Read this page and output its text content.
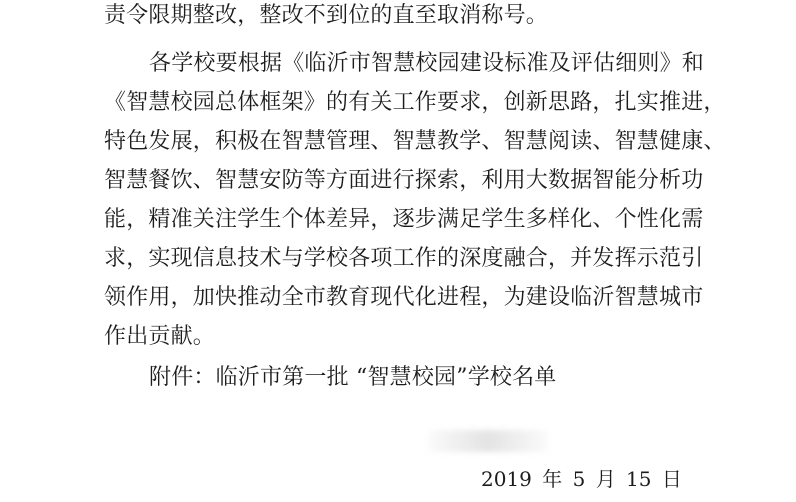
责令限期整改，整改不到位的直至取消称号。
各学校要根据《临沂市智慧校园建设标准及评估细则》和
《智慧校园总体框架》的有关工作要求，创新思路，扎实推进，
特色发展，积极在智慧管理、智慧教学、智慧阅读、智慧健康、
智慧餐饮、智慧安防等方面进行探索，利用大数据智能分析功
能，精准关注学生个体差异，逐步满足学生多样化、个性化需
求，实现信息技术与学校各项工作的深度融合，并发挥示范引
领作用，加快推动全市教育现代化进程，为建设临沂智慧城市
作出贡献。
附件：临沂市第一批 “智慧校园”学校名单
2019 年 5 月 15 日
